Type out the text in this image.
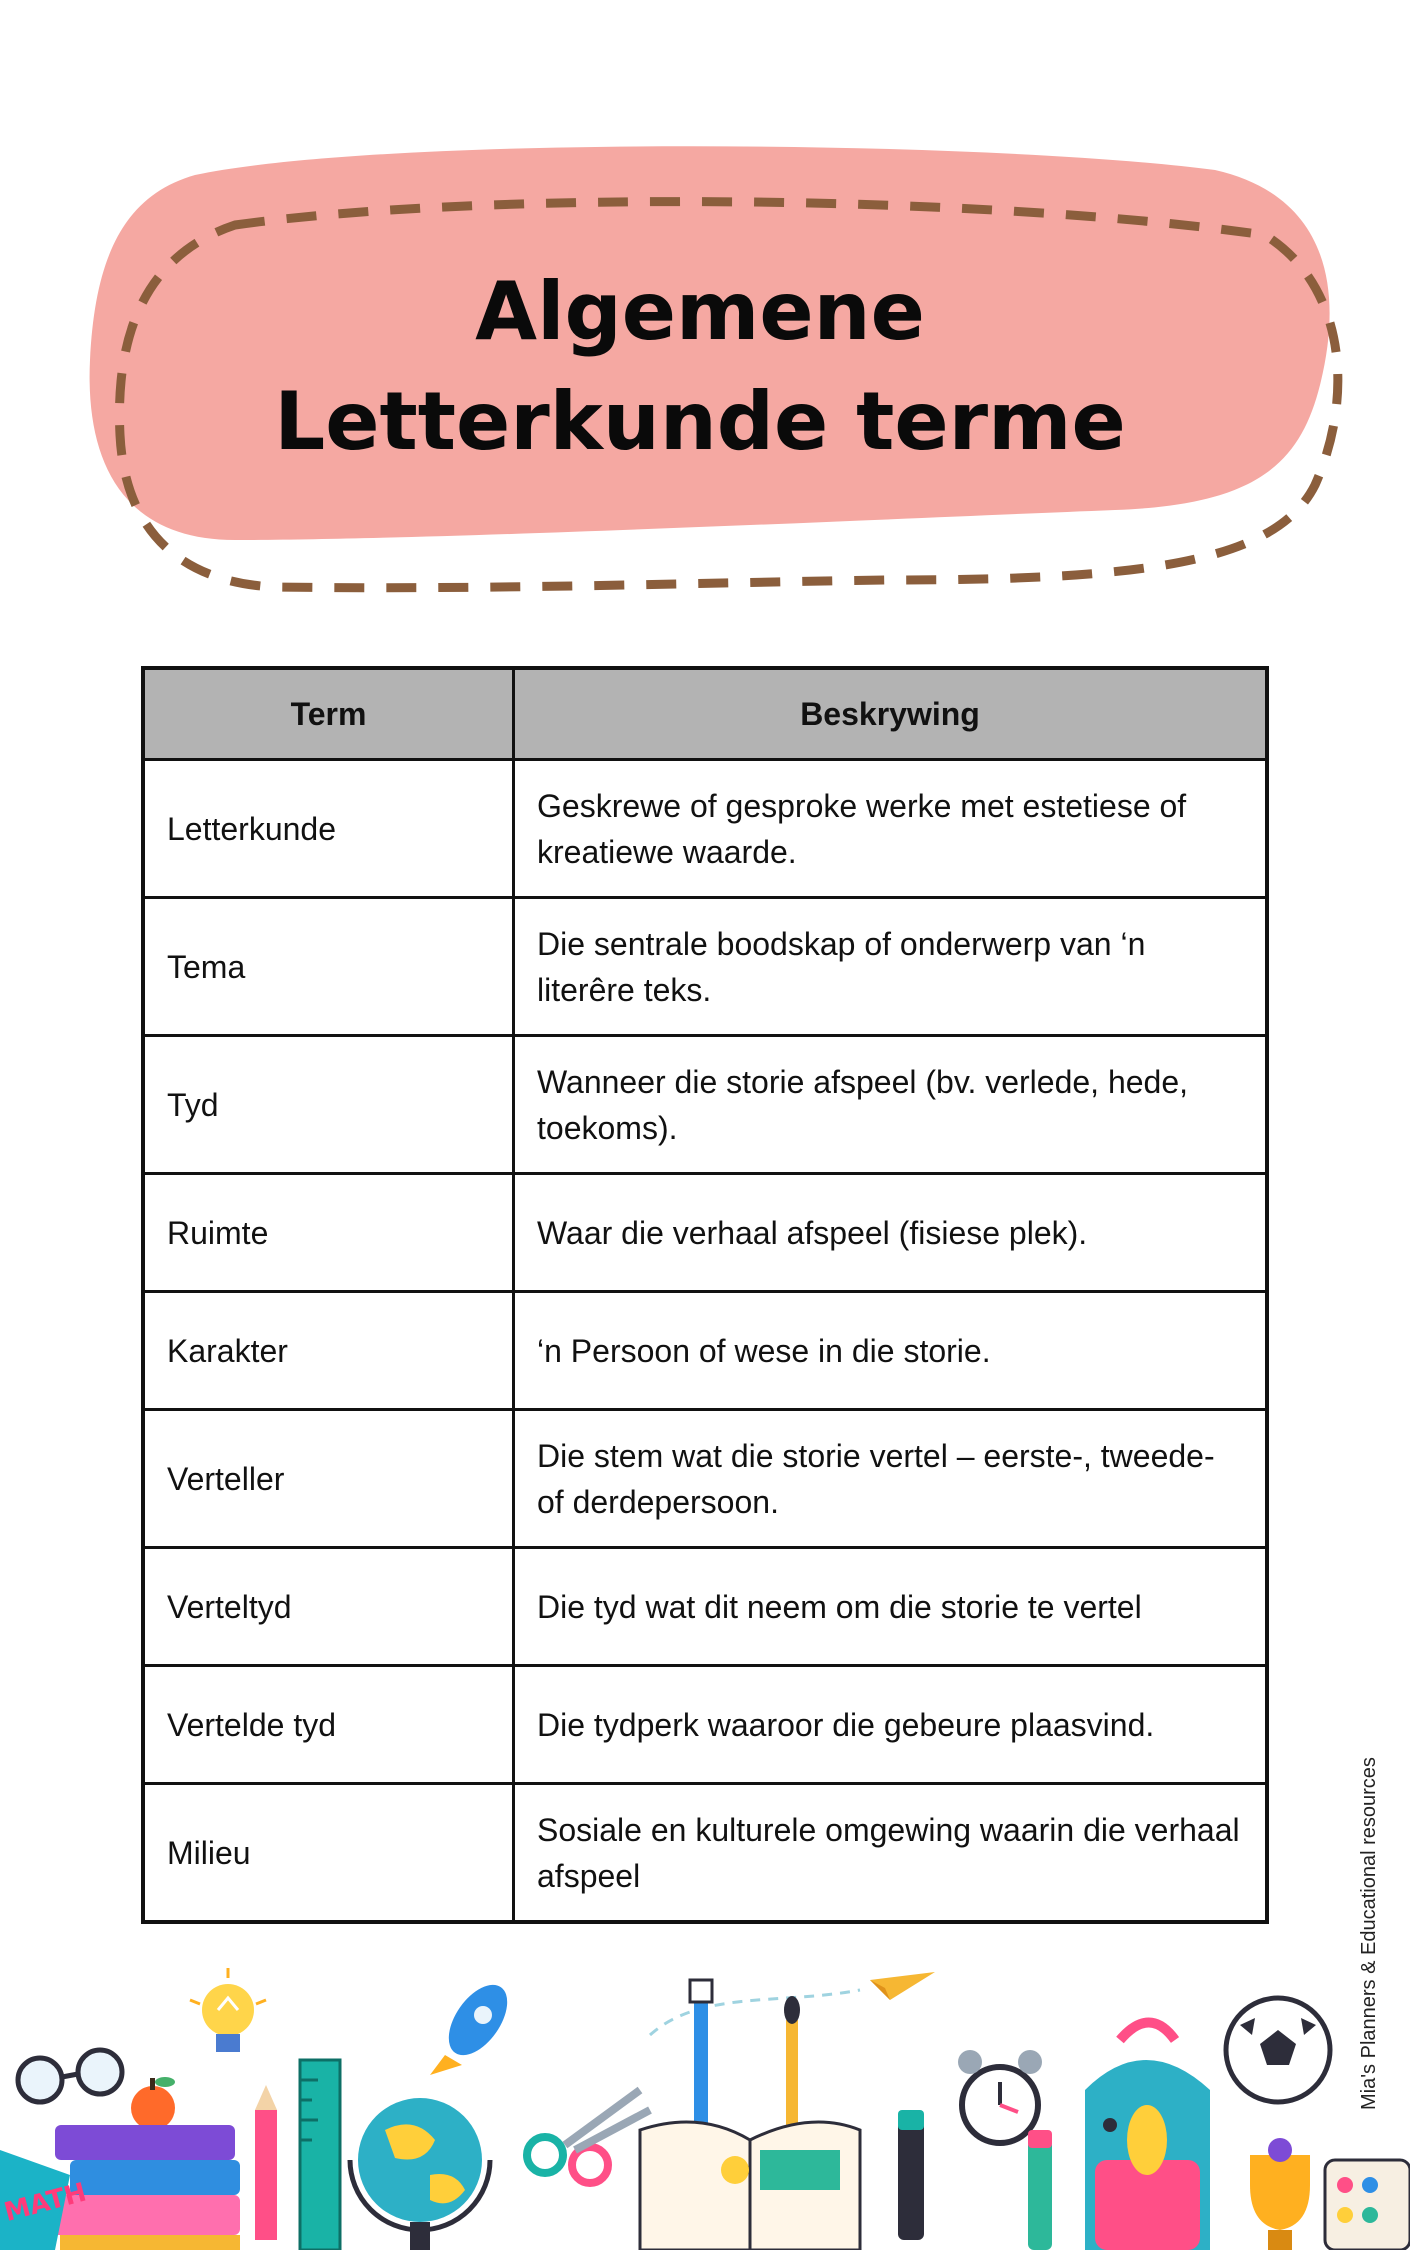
Algemene
Letterkunde terme
Term	Beskrywing
Letterkunde	Geskrewe of gesproke werke met estetiese of kreatiewe waarde.
Tema	Die sentrale boodskap of onderwerp van ‘n literêre teks.
Tyd	Wanneer die storie afspeel (bv. verlede, hede, toekoms).
Ruimte	Waar die verhaal afspeel (fisiese plek).
Karakter	‘n Persoon of wese in die storie.
Verteller	Die stem wat die storie vertel – eerste-, tweede- of derdepersoon.
Verteltyd	Die tyd wat dit neem om die storie te vertel
Vertelde tyd	Die tydperk waaroor die gebeure plaasvind.
Milieu	Sosiale en kulturele omgewing waarin die verhaal afspeel	Mia's Planners & Educational resources
MATH
